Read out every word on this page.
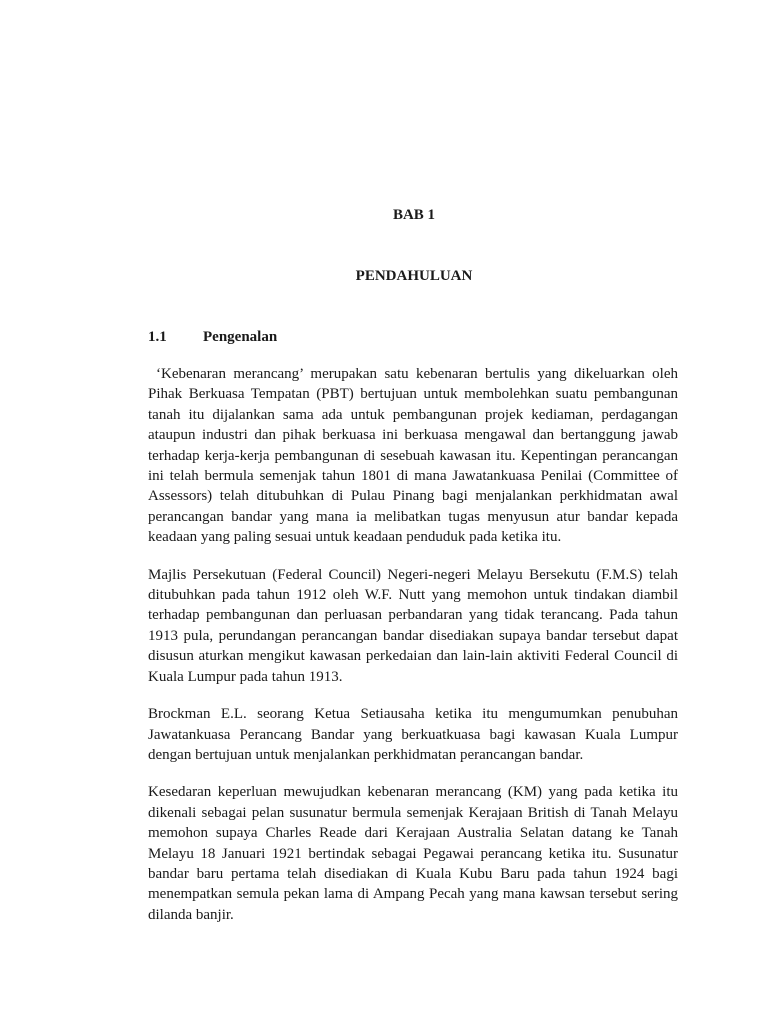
BAB 1
PENDAHULUAN
1.1 Pengenalan

‘Kebenaran merancang’ merupakan satu kebenaran bertulis yang dikeluarkan oleh Pihak Berkuasa Tempatan (PBT) bertujuan untuk membolehkan suatu pembangunan tanah itu dijalankan sama ada untuk pembangunan projek kediaman, perdagangan ataupun industri dan pihak berkuasa ini berkuasa mengawal dan bertanggung jawab terhadap kerja-kerja pembangunan di sesebuah kawasan itu. Kepentingan perancangan ini telah bermula semenjak tahun 1801 di mana Jawatankuasa Penilai (Committee of Assessors) telah ditubuhkan di Pulau Pinang bagi menjalankan perkhidmatan awal perancangan bandar yang mana ia melibatkan tugas menyusun atur bandar kepada keadaan yang paling sesuai untuk keadaan penduduk pada ketika itu.

Majlis Persekutuan (Federal Council) Negeri-negeri Melayu Bersekutu (F.M.S) telah ditubuhkan pada tahun 1912 oleh W.F. Nutt yang memohon untuk tindakan diambil terhadap pembangunan dan perluasan perbandaran yang tidak terancang. Pada tahun 1913 pula, perundangan perancangan bandar disediakan supaya bandar tersebut dapat disusun aturkan mengikut kawasan perkedaian dan lain-lain aktiviti Federal Council di Kuala Lumpur pada tahun 1913.

Brockman E.L. seorang Ketua Setiausaha ketika itu mengumumkan penubuhan Jawatankuasa Perancang Bandar yang berkuatkuasa bagi kawasan Kuala Lumpur dengan bertujuan untuk menjalankan perkhidmatan perancangan bandar.

Kesedaran keperluan mewujudkan kebenaran merancang (KM) yang pada ketika itu dikenali sebagai pelan susunatur bermula semenjak Kerajaan British di Tanah Melayu memohon supaya Charles Reade dari Kerajaan Australia Selatan datang ke Tanah Melayu 18 Januari 1921 bertindak sebagai Pegawai perancang ketika itu. Susunatur bandar baru pertama telah disediakan di Kuala Kubu Baru pada tahun 1924 bagi menempatkan semula pekan lama di Ampang Pecah yang mana kawsan tersebut sering dilanda banjir.
